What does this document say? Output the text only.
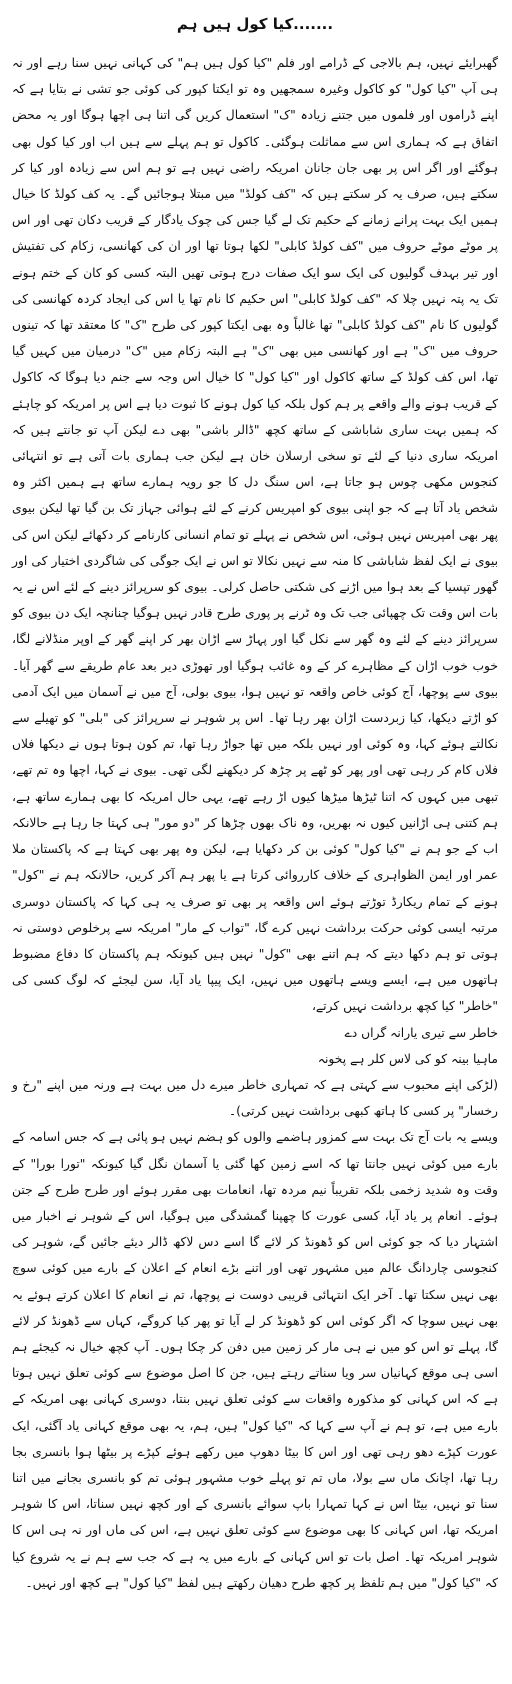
کیا کول ہیں ہم.......

گھبرایئے نہیں، ہم بالاجی کے ڈرامے اور فلم "کیا کول ہیں ہم" کی کہانی نہیں سنا رہے اور نہ ہی آپ "کیا کول" کو کاکول وغیرہ سمجھیں وہ تو ایکتا کپور کی کوئی جو تشی نے بتایا ہے کہ اپنے ڈراموں اور فلموں میں جتنے زیادہ "ک" استعمال کریں گی اتنا ہی اچھا ہوگا اور یہ محض اتفاق ہے کہ ہماری اس سے مماثلت ہوگئی۔ کاکول تو ہم پہلے سے ہیں اب اور کیا کول بھی ہوگئے اور اگر اس پر بھی جان جانان امریکہ راضی نہیں ہے تو ہم اس سے زیادہ اور کیا کر سکتے ہیں، صرف یہ کر سکتے ہیں کہ "کف کولڈ" میں مبتلا ہوجائیں گے۔ یہ کف کولڈ کا خیال ہمیں ایک بہت پرانے زمانے کے حکیم تک لے گیا جس کی چوک یادگار کے قریب دکان تھی اور اس پر موٹے موٹے حروف میں "کف کولڈ کابلی" لکھا ہوتا تھا اور ان کی کھانسی، زکام کی تفتیش اور تیر بہدف گولیوں کی ایک سو ایک صفات درج ہوتی تھیں البتہ کسی کو کان کے ختم ہونے تک یہ پتہ نہیں چلا کہ "کف کولڈ کابلی" اس حکیم کا نام تھا یا اس کی ایجاد کردہ کھانسی کی گولیوں کا نام "کف کولڈ کابلی" تھا غالباً وہ بھی ایکتا کپور کی طرح "ک" کا معتقد تھا کہ تینوں حروف میں "ک" ہے اور کھانسی میں بھی "ک" ہے البتہ زکام میں "ک" درمیان میں کہیں گیا تھا، اس کف کولڈ کے ساتھ کاکول اور "کیا کول" کا خیال اس وجہ سے جنم دیا ہوگا کہ کاکول کے قریب ہونے والے واقعے پر ہم کول بلکہ کیا کول ہونے کا ثبوت دیا ہے اس پر امریکہ کو چاہئے کہ ہمیں بہت ساری شاباشی کے ساتھ کچھ "ڈالر باشی" بھی دے لیکن آپ تو جانتے ہیں کہ امریکہ ساری دنیا کے لئے تو سخی ارسلان خان ہے لیکن جب ہماری بات آتی ہے تو انتہائی کنجوس مکھی چوس ہو جاتا ہے، اس سنگ دل کا جو رویہ ہمارے ساتھ ہے ہمیں اکثر وہ شخص یاد آتا ہے کہ جو اپنی بیوی کو امپریس کرنے کے لئے ہوائی جہاز تک بن گیا تھا لیکن بیوی پھر بھی امپریس نہیں ہوئی، اس شخص نے پہلے تو تمام انسانی کارنامے کر دکھائے لیکن اس کی بیوی نے ایک لفظ شاباشی کا منہ سے نہیں نکالا تو اس نے ایک جوگی کی شاگردی اختیار کی اور گھور تپسیا کے بعد ہوا میں اڑنے کی شکتی حاصل کرلی۔ بیوی کو سرپرائز دینے کے لئے اس نے یہ بات اس وقت تک چھپائی جب تک وہ ٹرنے پر پوری طرح قادر نہیں ہوگیا چنانچہ ایک دن بیوی کو سرپرائز دینے کے لئے وہ گھر سے نکل گیا اور پہاڑ سے اڑان بھر کر اپنے گھر کے اوپر منڈلانے لگا، خوب خوب اڑان کے مظاہرے کر کے وہ غائب ہوگیا اور تھوڑی دیر بعد عام طریقے سے گھر آیا۔ بیوی سے پوچھا، آج کوئی خاص واقعہ تو نہیں ہوا، بیوی بولی، آج میں نے آسمان میں ایک آدمی کو اڑتے دیکھا، کیا زبردست اڑان بھر رہا تھا۔ اس پر شوہر نے سرپرائز کی "بلی" کو تھیلے سے نکالتے ہوئے کہا، وہ کوئی اور نہیں بلکہ میں تھا جواڑ رہا تھا، تم کون ہوتا ہوں نے دیکھا فلاں فلاں کام کر رہی تھی اور پھر کو ٹھے پر چڑھ کر دیکھنے لگی تھی۔ بیوی نے کہا، اچھا وہ تم تھے، تبھی میں کہوں کہ اتنا ٹیڑھا میڑھا کیوں اڑ رہے تھے، یہی حال امریکہ کا بھی ہمارے ساتھ ہے، ہم کتنی ہی اڑانیں کیوں نہ بھریں، وہ ناک بھوں چڑھا کر "دو مور" ہی کہتا جا رہا ہے حالانکہ اب کے جو ہم نے "کیا کول" کوئی بن کر دکھایا ہے، لیکن وہ پھر بھی کہتا ہے کہ پاکستان ملا عمر اور ایمن الظواہری کے خلاف کارروائی کرتا ہے یا پھر ہم آکر کریں، حالانکہ ہم نے "کول" ہونے کے تمام ریکارڈ توڑتے ہوئے اس واقعہ پر بھی تو صرف یہ ہی کہا کہ پاکستان دوسری مرتبہ ایسی کوئی حرکت برداشت نہیں کرے گا، "تواب کے مار" امریکہ سے پرخلوص دوستی نہ ہوتی تو ہم دکھا دیتے کہ ہم اتنے بھی "کول" نہیں ہیں کیونکہ ہم پاکستان کا دفاع مضبوط ہاتھوں میں ہے، ایسے ویسے ہاتھوں میں نہیں، ایک پیپا یاد آیا، سن لیجئے کہ لوگ کسی کی "خاطر" کیا کچھ برداشت نہیں کرتے،

خاطر سے تیری یارانہ گراں دے

ماہیا بینہ کو کی لاس کلر ہے پخونہ

(لڑکی اپنے محبوب سے کہتی ہے کہ تمہاری خاطر میرے دل میں بہت ہے ورنہ میں اپنے "رخ و رخسار" پر کسی کا ہاتھ کبھی برداشت نہیں کرتی)۔

ویسے یہ بات آج تک بہت سے کمزور ہاضمے والوں کو ہضم نہیں ہو پائی ہے کہ جس اسامہ کے بارے میں کوئی نہیں جانتا تھا کہ اسے زمین کھا گئی یا آسمان نگل گیا کیونکہ "تورا بورا" کے وقت وہ شدید زخمی بلکہ تقریباً نیم مردہ تھا، انعامات بھی مقرر ہوئے اور طرح طرح کے جتن ہوئے۔ انعام پر یاد آیا، کسی عورت کا چھپنا گمشدگی میں ہوگیا، اس کے شوہر نے اخبار میں اشتہار دیا کہ جو کوئی اس کو ڈھونڈ کر لائے گا اسے دس لاکھ ڈالر دیئے جائیں گے، شوہر کی کنجوسی چاردانگ عالم میں مشہور تھی اور اتنے بڑے انعام کے اعلان کے بارے میں کوئی سوچ بھی نہیں سکتا تھا۔ آخر ایک انتہائی قریبی دوست نے پوچھا، تم نے انعام کا اعلان کرتے ہوئے یہ بھی نہیں سوچا کہ اگر کوئی اس کو ڈھونڈ کر لے آیا تو پھر کیا کروگے، کہاں سے ڈھونڈ کر لائے گا، پہلے تو اس کو میں نے ہی مار کر زمین میں دفن کر چکا ہوں۔ آپ کچھ خیال نہ کیجئے ہم اسی ہی موقع کہانیاں سر ویا سناتے رہتے ہیں، جن کا اصل موضوع سے کوئی تعلق نہیں ہوتا ہے کہ اس کہانی کو مذکورہ واقعات سے کوئی تعلق نہیں بنتا، دوسری کہانی بھی امریکہ کے بارے میں ہے، تو ہم نے آپ سے کہا کہ "کیا کول" ہیں، ہم، یہ بھی موقع کہانی یاد آگئی، ایک عورت کپڑے دھو رہی تھی اور اس کا بیٹا دھوپ میں رکھے ہوئے کپڑے پر بیٹھا ہوا بانسری بجا رہا تھا، اچانک ماں سے بولا، ماں تم تو پہلے خوب مشہور ہوئی تم کو بانسری بجانے میں اتنا سنا تو نہیں، بیٹا اس نے کہا تمہارا باپ سوائے بانسری کے اور کچھ نہیں سناتا، اس کا شوہر امریکہ تھا، اس کہانی کا بھی موضوع سے کوئی تعلق نہیں ہے، اس کی ماں اور نہ ہی اس کا شوہر امریکہ تھا۔ اصل بات تو اس کہانی کے بارے میں یہ ہے کہ جب سے ہم نے یہ شروع کیا کہ "کیا کول" میں ہم تلفظ پر کچھ طرح دھیان رکھتے ہیں لفظ "کیا کول" ہے کچھ اور نہیں۔
